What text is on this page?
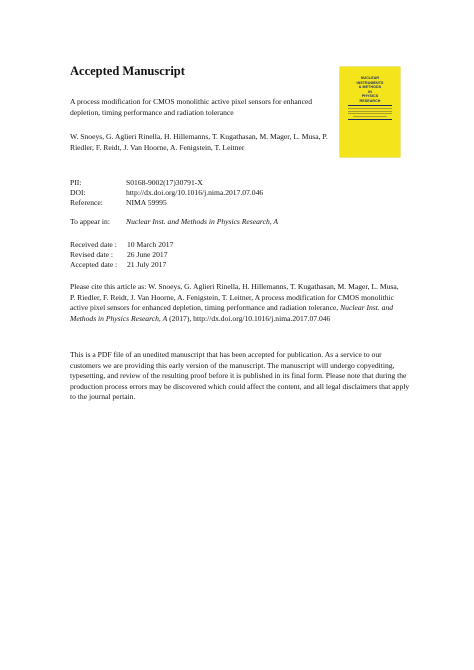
Accepted Manuscript
A process modification for CMOS monolithic active pixel sensors for enhanced depletion, timing performance and radiation tolerance
W. Snoeys, G. Aglieri Rinella, H. Hillemanns, T. Kugathasan, M. Mager, L. Musa, P. Riedler, F. Reidt, J. Van Hoorne, A. Fenigstein, T. Leitner
PII:	S0168-9002(17)30791-X
DOI:	http://dx.doi.org/10.1016/j.nima.2017.07.046
Reference:	NIMA 59995
To appear in: Nuclear Inst. and Methods in Physics Research, A
Received date : 10 March 2017
Revised date : 26 June 2017
Accepted date : 21 July 2017
Please cite this article as: W. Snoeys, G. Aglieri Rinella, H. Hillemanns, T. Kugathasan, M. Mager, L. Musa, P. Riedler, F. Reidt, J. Van Hoorne, A. Fenigstein, T. Leitner, A process modification for CMOS monolithic active pixel sensors for enhanced depletion, timing performance and radiation tolerance, Nuclear Inst. and Methods in Physics Research, A (2017), http://dx.doi.org/10.1016/j.nima.2017.07.046
This is a PDF file of an unedited manuscript that has been accepted for publication. As a service to our customers we are providing this early version of the manuscript. The manuscript will undergo copyediting, typesetting, and review of the resulting proof before it is published in its final form. Please note that during the production process errors may be discovered which could affect the content, and all legal disclaimers that apply to the journal pertain.
NUCLEAR
INSTRUMENTS
& METHODS
IN
PHYSICS
RESEARCH
